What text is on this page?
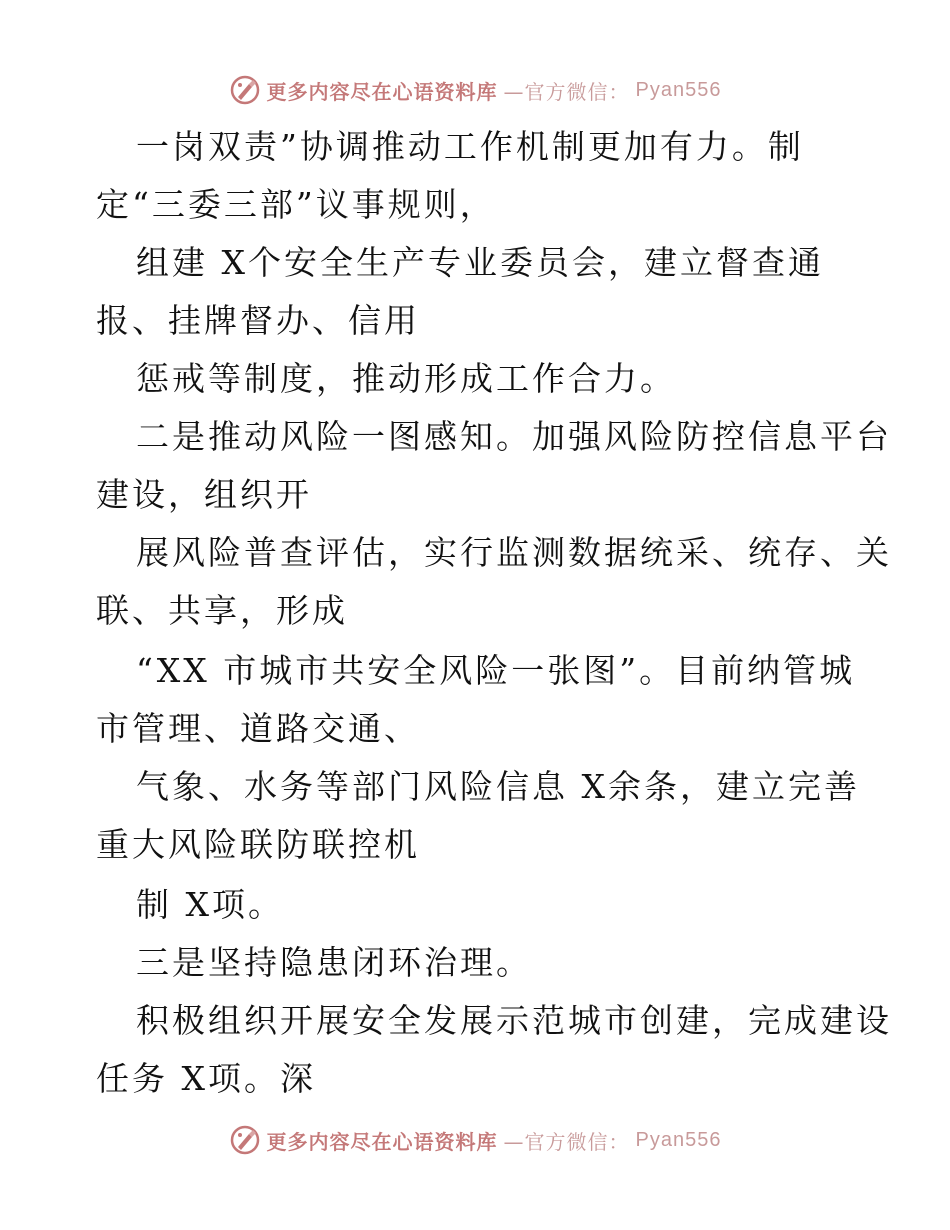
更多内容尽在心语资料库 —官方微信： Pyan556
一岗双责”协调推动工作机制更加有力。制
定“三委三部”议事规则，
组建 X个安全生产专业委员会，建立督查通
报、挂牌督办、信用
惩戒等制度，推动形成工作合力。
二是推动风险一图感知。加强风险防控信息平台
建设，组织开
展风险普查评估，实行监测数据统采、统存、关
联、共享，形成
“XX 市城市共安全风险一张图”。目前纳管城
市管理、道路交通、
气象、水务等部门风险信息 X余条，建立完善
重大风险联防联控机
制 X项。
三是坚持隐患闭环治理。
积极组织开展安全发展示范城市创建，完成建设
任务 X项。深
更多内容尽在心语资料库 —官方微信： Pyan556
